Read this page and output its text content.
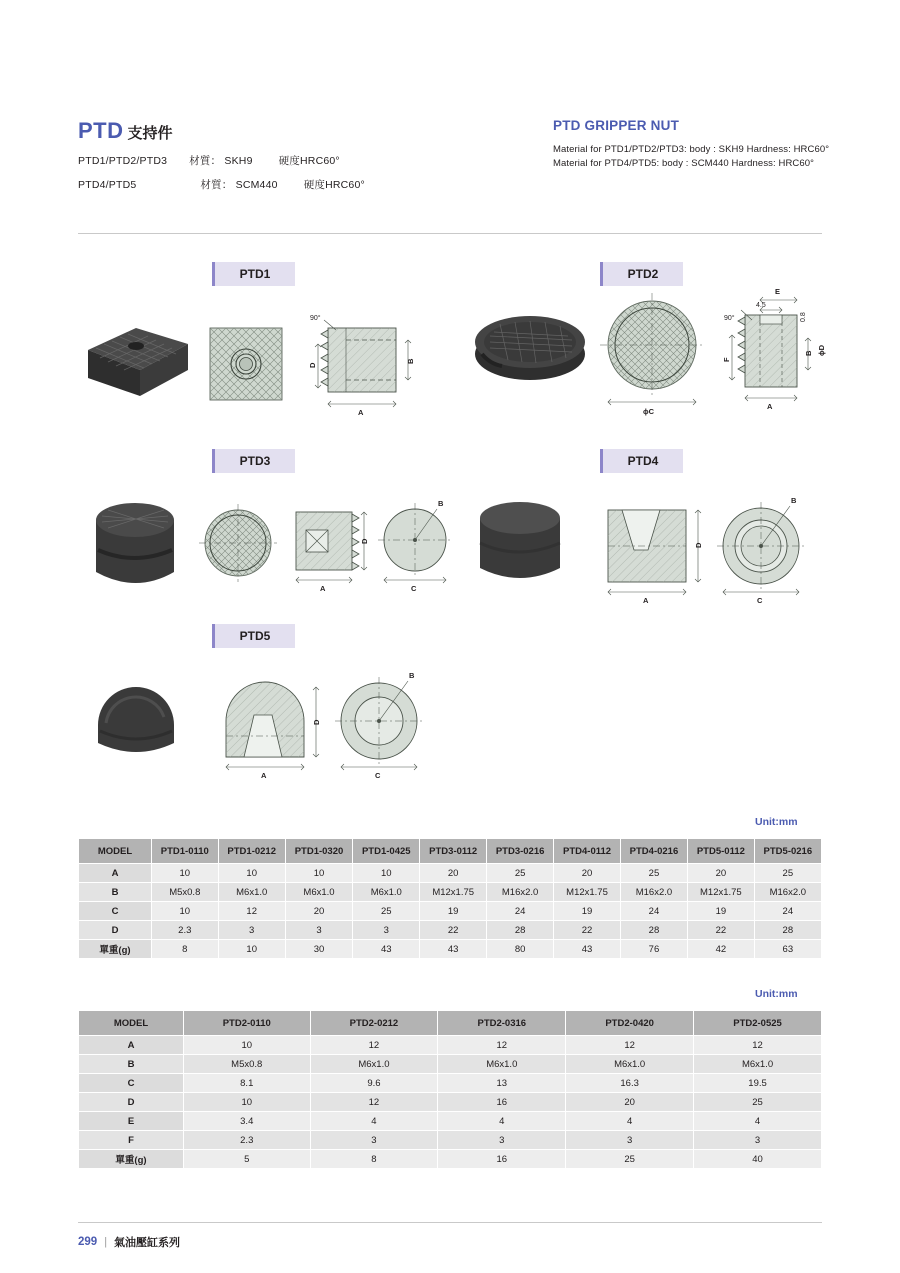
PTD 支持件
PTD1/PTD2/PTD3 材質： SKH9 硬度HRC60°
PTD4/PTD5	材質： SCM440 硬度HRC60°
PTD GRIPPER NUT
Material for PTD1/PTD2/PTD3: body : SKH9 Hardness: HRC60°
Material for PTD4/PTD5: body : SCM440 Hardness: HRC60°
PTD1	PTD2
PTD3	PTD4
PTD5
90°
B
D
A	ϕC
E
4.5
0.8
90°
B ϕD
F
A
D
A
B
C
D
A
B
C
D
A
B
C
Unit:mm
MODEL	PTD1-0110	PTD1-0212	PTD1-0320	PTD1-0425	PTD3-0112	PTD3-0216	PTD4-0112	PTD4-0216	PTD5-0112	PTD5-0216
A	10	10	10	10	20	25	20	25	20	25
B	M5x0.8	M6x1.0	M6x1.0	M6x1.0	M12x1.75	M16x2.0	M12x1.75	M16x2.0	M12x1.75	M16x2.0
C	10	12	20	25	19	24	19	24	19	24
D	2.3	3	3	3	22	28	22	28	22	28
單重(g)	8	10	30	43	43	80	43	76	42	63
Unit:mm
MODEL	PTD2-0110	PTD2-0212	PTD2-0316	PTD2-0420	PTD2-0525
A	10	12	12	12	12
B	M5x0.8	M6x1.0	M6x1.0	M6x1.0	M6x1.0
C	8.1	9.6	13	16.3	19.5
D	10	12	16	20	25
E	3.4	4	4	4	4
F	2.3	3	3	3	3
單重(g)	5	8	16	25	40
299 | 氣油壓缸系列
